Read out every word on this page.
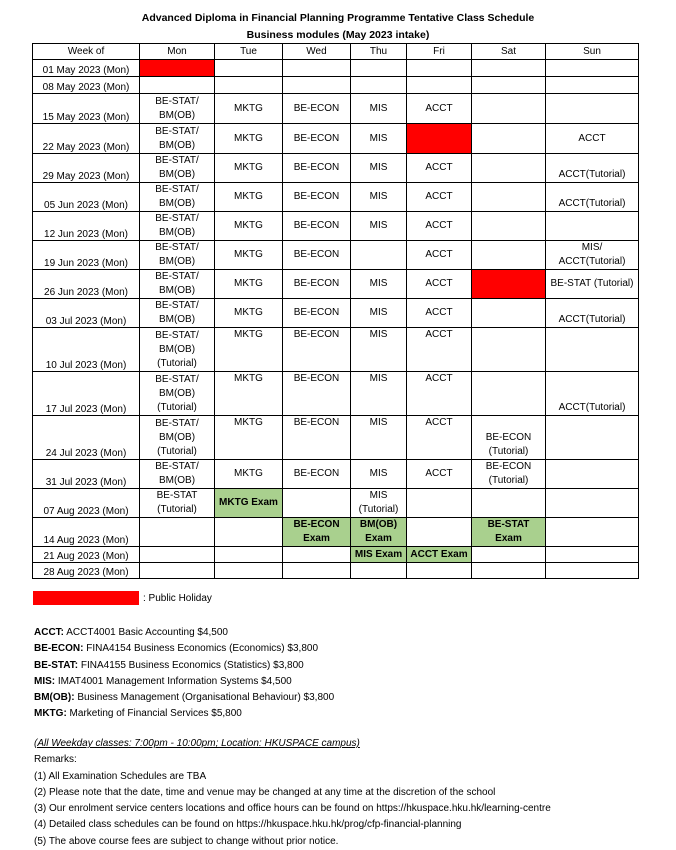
Advanced Diploma in Financial Planning Programme Tentative Class Schedule
Business modules (May 2023 intake)
Week of	Mon	Tue	Wed	Thu	Fri	Sat	Sun
01 May 2023 (Mon)							
08 May 2023 (Mon)							
15 May 2023 (Mon)	BE-STAT/ BM(OB)	MKTG	BE-ECON	MIS	ACCT		
22 May 2023 (Mon)	BE-STAT/ BM(OB)	MKTG	BE-ECON	MIS			ACCT
29 May 2023 (Mon)	BE-STAT/ BM(OB)	MKTG	BE-ECON	MIS	ACCT		ACCT(Tutorial)
05 Jun 2023 (Mon)	BE-STAT/ BM(OB)	MKTG	BE-ECON	MIS	ACCT		ACCT(Tutorial)
12 Jun 2023 (Mon)	BE-STAT/ BM(OB)	MKTG	BE-ECON	MIS	ACCT		
19 Jun 2023 (Mon)	BE-STAT/ BM(OB)	MKTG	BE-ECON		ACCT		MIS/ ACCT(Tutorial)
26 Jun 2023 (Mon)	BE-STAT/ BM(OB)	MKTG	BE-ECON	MIS	ACCT		BE-STAT (Tutorial)
03 Jul 2023 (Mon)	BE-STAT/ BM(OB)	MKTG	BE-ECON	MIS	ACCT		ACCT(Tutorial)
10 Jul 2023 (Mon)	BE-STAT/ BM(OB) (Tutorial)	MKTG	BE-ECON	MIS	ACCT		
17 Jul 2023 (Mon)	BE-STAT/ BM(OB) (Tutorial)	MKTG	BE-ECON	MIS	ACCT		ACCT(Tutorial)
24 Jul 2023 (Mon)	BE-STAT/ BM(OB) (Tutorial)	MKTG	BE-ECON	MIS	ACCT	BE-ECON (Tutorial)	
31 Jul 2023 (Mon)	BE-STAT/ BM(OB)	MKTG	BE-ECON	MIS	ACCT	BE-ECON (Tutorial)	
07 Aug 2023 (Mon)	BE-STAT (Tutorial)	MKTG Exam		MIS (Tutorial)			
14 Aug 2023 (Mon)			BE-ECON Exam	BM(OB) Exam		BE-STAT Exam	
21 Aug 2023 (Mon)				MIS Exam	ACCT Exam		
28 Aug 2023 (Mon)							
: Public Holiday
ACCT: ACCT4001 Basic Accounting $4,500
BE-ECON: FINA4154 Business Economics (Economics) $3,800
BE-STAT: FINA4155 Business Economics (Statistics) $3,800
MIS: IMAT4001 Management Information Systems $4,500
BM(OB): Business Management (Organisational Behaviour) $3,800
MKTG: Marketing of Financial Services $5,800
(All Weekday classes: 7:00pm - 10:00pm; Location: HKUSPACE campus)
Remarks:
(1) All Examination Schedules are TBA
(2) Please note that the date, time and venue may be changed at any time at the discretion of the school
(3) Our enrolment service centers locations and office hours can be found on https://hkuspace.hku.hk/learning-centre
(4) Detailed class schedules can be found on https://hkuspace.hku.hk/prog/cfp-financial-planning
(5) The above course fees are subject to change without prior notice.
